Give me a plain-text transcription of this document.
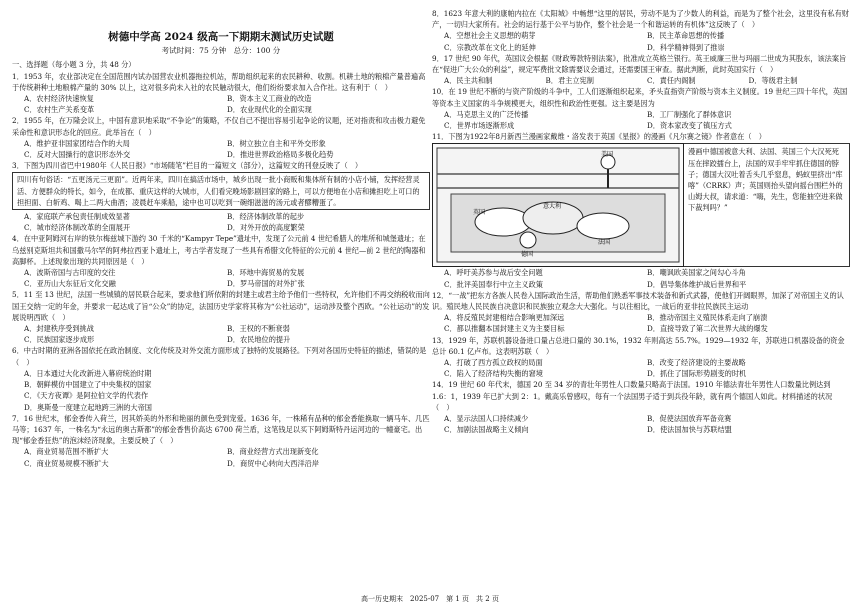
树德中学高 2024 级高一下期期末测试历史试题
考试时间：75 分钟　总分：100 分

一、选择题（每小题 3 分，共 48 分）

1．1953 年，农业部决定在全国范围内试办国营农业机器拖拉机站，帮助组织起来的农民耕种、收割。机耕土地的粮棉产量普遍高于传统耕种土地粮棉产量的 30% 以上，这对很多尚未入社的农民触动很大，他们纷纷要求加入合作社。这有利于（　）

A．农村经济快速恢复	B．资本主义工商业的改造
C．农村生产关系变革	D．农业现代化的全面实现

2．1955 年，在万隆会议上，中国有意识地采取“不争论”的策略，不仅自己不提出容易引起争论的议题，还对指责和攻击极力避免采命性和意识形态化的回应。此举旨在（　）

A．维护亚非国家团结合作的大局	B．树立独立自主和平外交形象
C．反对大国操行的意识形态外交	D．推进世界政治格局多极化趋势

3．下图为四川省巴中1980年《人民日报》“市场随笔”栏目的一篇短文（部分），这篇短文的刊登反映了（　）

四川有句俗话：“五更汤元三更面”。近两年来，四川在搞活市场中，城乡出现一批小商贩和集体所有制的小店小铺，发挥经营灵活、方便群众的特长，如今，在成都、重庆这样的大城市，人们看完晚场影剧回家的路上，可以方便地在小店和摊担吃上可口的担担面、白斩鸡、喝上二两大曲酒；凌晨赶车乘船，途中也可以吃到一碗细滋滋的汤元或者醪糟蛋了。
A．家庭联产承包责任制成效显著	B．经济体制改革的起步
C．城市经济体制改革的全面展开	D．对外开放的高度繁荣

4．在中亚阿姆河右岸的铁尔梅兹城下游约 30 千米的“Kampyr Tepe”遗址中，发现了公元前 4 世纪希腊人的堆所和城堡遗址；在乌兹别克斯坦共和国撒马尔罕的阿弗拉西亚卜遗址上，考古学者发现了一些具有希腊文化特征的公元前 4 世纪—前 2 世纪的陶器和高脚杯。上述现象出现的共同原因是（　）

A．波斯帝国与古印度的交往	B．环地中海贸易的发展
C．亚历山大东征后文化交融	D．罗马帝国的对外扩张

5．11 至 13 世纪，法国一些城镇的居民联合起来，要求他们所依附的封建主或君主给予他们一些特权，允许他们不再交纳税收而向国王交纳一定的年金，并要求一起达成了旨“公众”的协定，法国历史学家将其称为“公社运动”，运动涉及整个西欧。“公社运动”的发展说明西欧（　）

A．封建秩序受到挑战	B．王权的不断衰弱
C．民族国家逐步成形	D．农民地位的提升

6．中古时期的亚洲各国依托在政治制度、文化传统及对外交流方面形成了独特的发展路径。下列对各国历史特征的描述，错误的是（　）

A．日本通过大化改新进入幕府统治时期

B．朝鲜模仿中国建立了中央集权的国家

C．《天方夜谭》是阿拉伯文学的代表作

D．奥斯曼一度建立起地跨三洲的大帝国

7．16 世纪末，郁金香传入荷兰，因其娇美的外形和艳丽的颜色受到宠爱。1636 年，一株稀有品种的郁金香能换取一辆马车、几匹马等；1637 年，一株名为“永远的奥古斯都”的郁金香售价高达 6700 荷兰盾，这笔钱足以买下阿姆斯特丹运河边的一幢豪宅。出现“郁金香狂热”的泡沫经济现象，主要反映了（　）

A．商业贸易范围不断扩大	B．商业经营方式出现新变化
C．商业贸易规模不断扩大	D．商贸中心转向大西洋沿岸

8．1623 年意大利的康帕内拉在《太阳城》中畅想“这里的居民，劳动不是为了少数人的利益，而是为了整个社会，这里没有私有财产，一切归大家所有。社会的运行基于公平与协作，整个社会是一个和谐运转的有机体”这反映了（　）

A．空想社会主义思想的萌芽	B．民主革命思想的传播
C．宗教改革在文化上的延伸	D．科学精神得到了推崇

9．17 世纪 90 年代，英国议会根据《财政筹款特别法案》，批准成立英格兰银行。英王威廉三世与玛丽二世成为其股东，该法案旨在“促进广大公众的利益”，规定军费批文除需要议会通过，还需要国王审查。据此判断，此时英国实行（　）

A．民主共和制	B．君主立宪制	C．責任内阁制	D．等级君主制

10．在 19 世纪不断的与资产阶级的斗争中，工人们逐渐组织起来，矛头直指资产阶级与资本主义制度。19 世纪三四十年代，英国等资本主义国家的斗争规模更大，组织性和政治性更强。这主要是因为

A．马克思主义的广泛传播	B．工厂制强化了群体意识
C．世界市场逐渐形成	D．资本家改变了镇压方式

11．下图为1922年8月新西兰漫画家戴维・洛发表于英国《星报》的漫画《凡尔赛之镜》作者意在（　）

美国
英国
意大利
德国
法国
漫画中德国被意大利、法国、英国三个大汉死死压在摔跤擂台上，法国的双手牢牢抓住德国的脖子；德国大汉吐着舌头几乎窒息，蚂蚁里挤出“库喀”（CRRK）声；英国则抬头望向摇台围栏外的山姆大叔，请求道：“嗨，先生，您能抽空进来做下裁判吗？”
A．呼吁美苏参与战后安全问题	B．嘲讽欧美国家之间勾心斗角
C．批评美国奉行中立主义政策	D．倡导集体维护战后世界和平

12．“一战”把东方各族人民卷入国际政治生活，帮助他们熟悉军事技术装备和新式武器，使他们开阔眼界，加深了对帝国主义的认识。殖民地人民民族自决意识和民族独立观念大大强化。与以往相比，一战后的亚非拉民族民主运动

A．将反殖民封建相结合影响更加深远	B．推动帝国主义殖民体系走向了崩溃
C．都以推翻本国封建主义为主要目标	D．直接导致了第二次世界大战的爆发

13．1929 年，苏联机器设备进口量占总进口量的 30.1%，1932 年则高达 55.7%。1929—1932 年，苏联进口机器设备的资金总计 60.1 亿卢布。这表明苏联（　）

A．打破了西方孤立政权的局面	B．改变了经济建设的主要战略
C．陷入了经济结构失衡的窘境	D．抓住了国际形势剧变的时机

14．19 世纪 60 年代末，德国 20 至 34 岁的青壮年男性人口数量只略高于法国。1910 年德法青壮年男性人口数量比例达到 1.6：1，1939 年已扩大到 2：1。戴高乐曾感叹，每有一个法国男子适于到兵役年龄，就有两个德国人如此。材料描述的状况（　）

A．显示法国人口持续减少	B．促使法国放弃军备竞赛
C．加剧法国战略主义倾向	D．使法国加快与苏联结盟
高一历史期末　2025-07　第 1 页　共 2 页
